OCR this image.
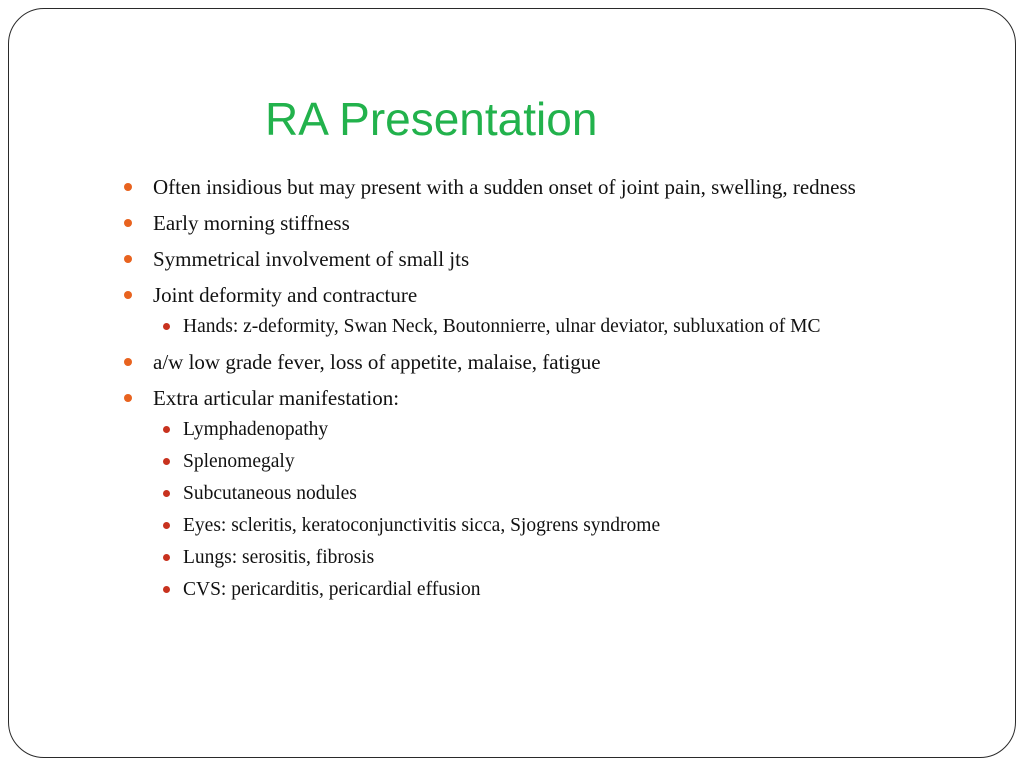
RA Presentation
Often insidious but may present with a sudden onset of joint pain, swelling, redness
Early morning stiffness
Symmetrical involvement of small jts
Joint deformity and contracture
Hands: z-deformity, Swan Neck, Boutonnierre, ulnar deviator, subluxation of MC
a/w low grade fever, loss of appetite, malaise, fatigue
Extra articular manifestation:
Lymphadenopathy
Splenomegaly
Subcutaneous nodules
Eyes: scleritis, keratoconjunctivitis sicca, Sjogrens syndrome
Lungs: serositis, fibrosis
CVS: pericarditis, pericardial effusion
